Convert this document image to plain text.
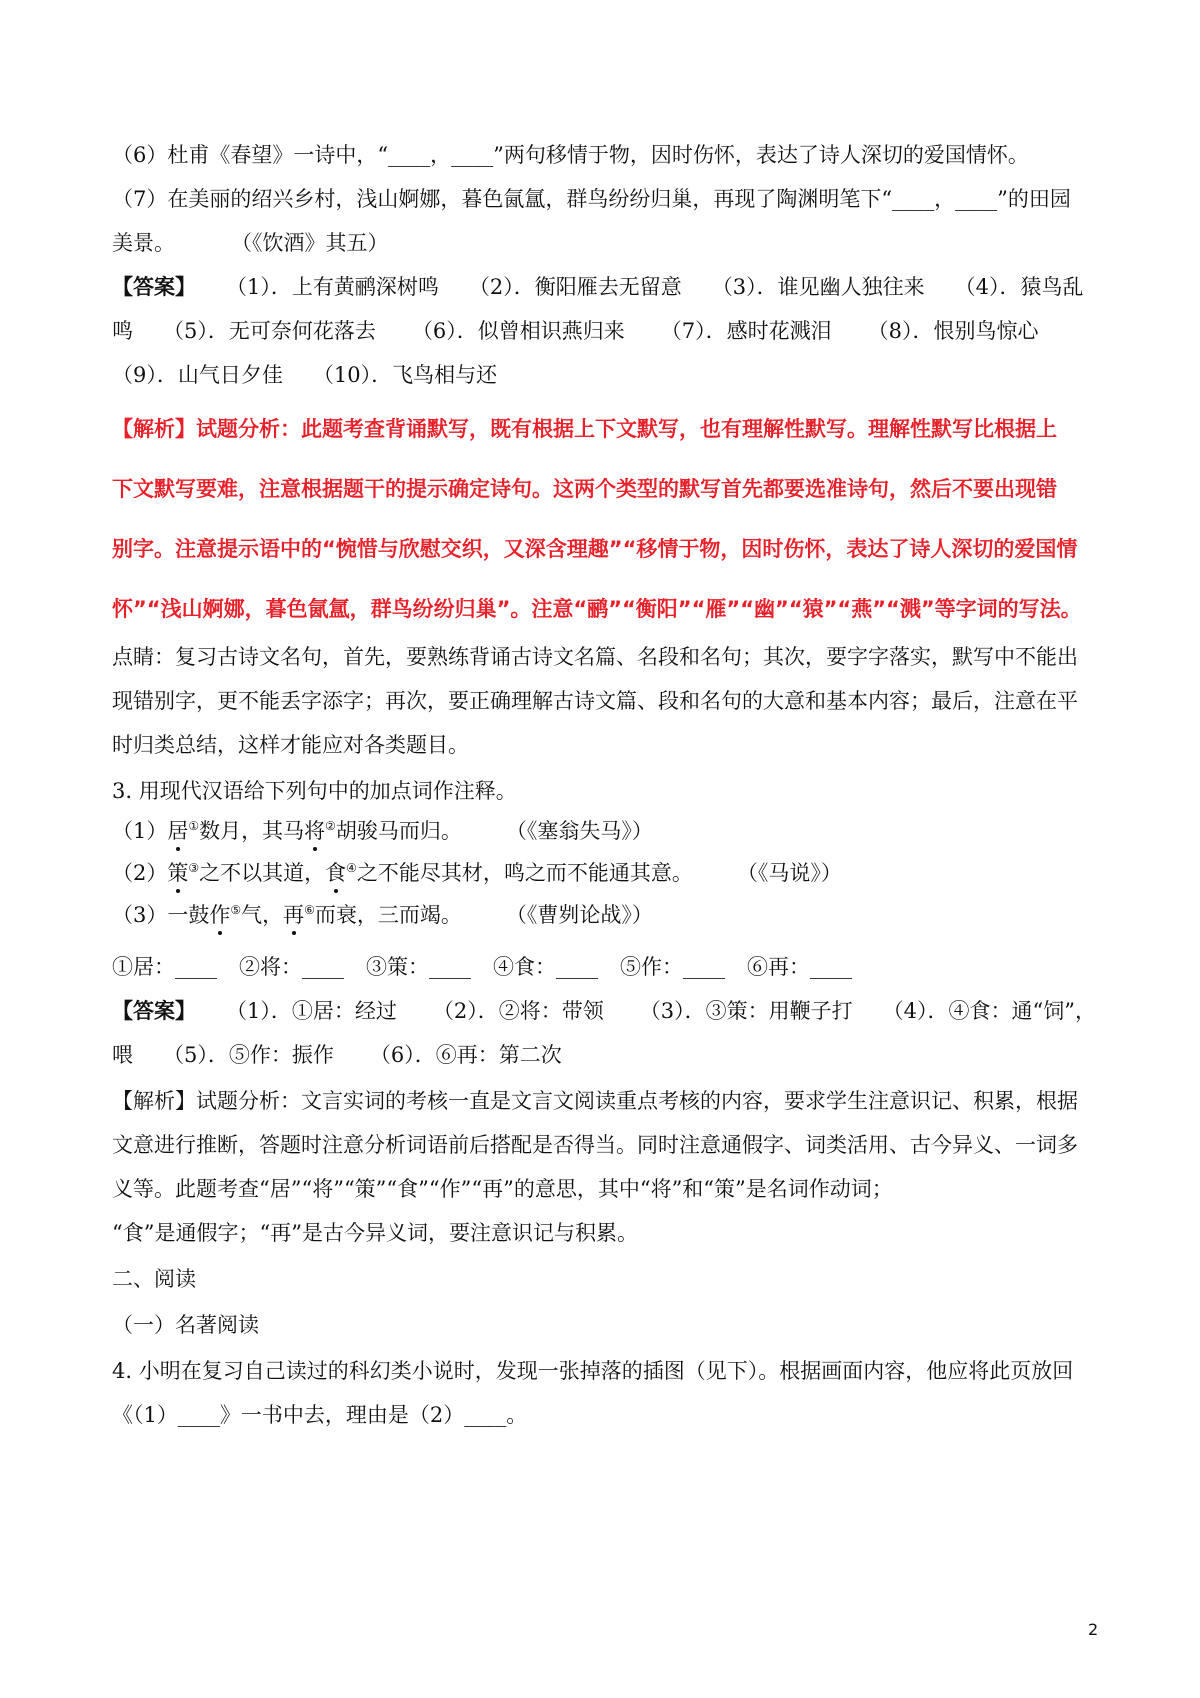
（6）杜甫《春望》一诗中，“____，____”两句移情于物，因时伤怀，表达了诗人深切的爱国情怀。
（7）在美丽的绍兴乡村，浅山婀娜，暮色氤氲，群鸟纷纷归巢，再现了陶渊明笔下“____，____”的田园
美景。	（《饮酒》其五）
【答案】 （1）．上有黄鹂深树鸣 （2）．衡阳雁去无留意 （3）．谁见幽人独往来 （4）．猿鸟乱
鸣 （5）．无可奈何花落去 （6）．似曾相识燕归来 （7）．感时花溅泪 （8）．恨别鸟惊心
（9）．山气日夕佳 （10）．飞鸟相与还
【解析】试题分析：此题考查背诵默写，既有根据上下文默写，也有理解性默写。理解性默写比根据上
下文默写要难，注意根据题干的提示确定诗句。这两个类型的默写首先都要选准诗句，然后不要出现错
别字。注意提示语中的“惋惜与欣慰交织，又深含理趣”“移情于物，因时伤怀，表达了诗人深切的爱国情
怀”“浅山婀娜，暮色氤氲，群鸟纷纷归巢”。注意“鹂”“衡阳”“雁”“幽”“猿”“燕”“溅”等字词的写法。
点睛：复习古诗文名句，首先，要熟练背诵古诗文名篇、名段和名句；其次，要字字落实，默写中不能出
现错别字，更不能丢字添字；再次，要正确理解古诗文篇、段和名句的大意和基本内容；最后，注意在平
时归类总结，这样才能应对各类题目。
3. 用现代汉语给下列句中的加点词作注释。
（1）居①数月，其马将②胡骏马而归。 （《塞翁失马》）
（2）策③之不以其道，食④之不能尽其材，鸣之而不能通其意。 （《马说》）
（3）一鼓作⑤气，再⑥而衰，三而竭。 （《曹刿论战》）
①居：____ ②将：____ ③策：____ ④食：____ ⑤作：____ ⑥再：____
【答案】 （1）．①居：经过 （2）．②将：带领 （3）．③策：用鞭子打 （4）．④食：通“饲”，
喂 （5）．⑤作：振作 （6）．⑥再：第二次
【解析】试题分析：文言实词的考核一直是文言文阅读重点考核的内容，要求学生注意识记、积累，根据
文意进行推断，答题时注意分析词语前后搭配是否得当。同时注意通假字、词类活用、古今异义、一词多
义等。此题考查“居”“将”“策”“食”“作”“再”的意思，其中“将”和“策”是名词作动词；
“食”是通假字；“再”是古今异义词，要注意识记与积累。
二、阅读
（一）名著阅读
4. 小明在复习自己读过的科幻类小说时，发现一张掉落的插图（见下）。根据画面内容，他应将此页放回
《（1）____》一书中去，理由是（2）____。
2
